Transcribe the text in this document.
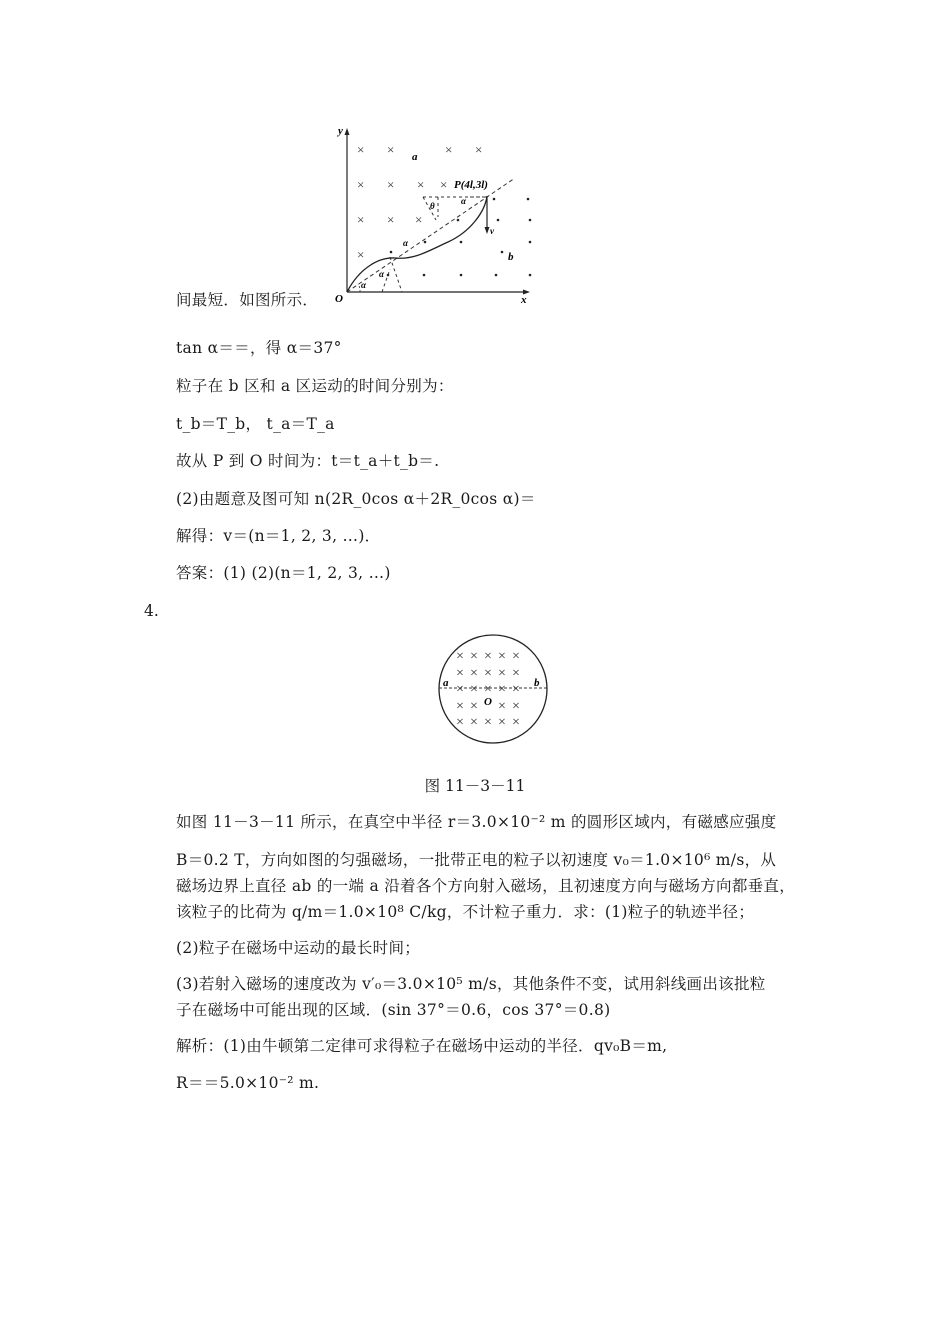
y
x
O
× ×	× ×
× × × ×
× × ×
×
a
b
v
P(4l,3l)
θ	α
α
α
α
间最短．如图所示．
tan α＝＝，得 α＝37°
粒子在 b 区和 a 区运动的时间分别为：
t_b＝T_b， t_a＝T_a
故从 P 到 O 时间为：t＝t_a＋t_b＝.
(2)由题意及图可知 n(2R_0cos α＋2R_0cos α)＝
解得：v＝(n＝1, 2, 3, …)．
答案：(1) (2)(n＝1, 2, 3, …)
4.
× × × × ×
× × × × ×
× × × × ×
× × × ×
× × × × ×
a	b
O
图 11－3－11
如图 11－3－11 所示，在真空中半径 r＝3.0×10⁻² m 的圆形区域内，有磁感应强度
B＝0.2 T，方向如图的匀强磁场，一批带正电的粒子以初速度 v₀＝1.0×10⁶ m/s，从
磁场边界上直径 ab 的一端 a 沿着各个方向射入磁场，且初速度方向与磁场方向都垂直，
该粒子的比荷为 q/m＝1.0×10⁸ C/kg，不计粒子重力．求：(1)粒子的轨迹半径；
(2)粒子在磁场中运动的最长时间；
(3)若射入磁场的速度改为 v′₀＝3.0×10⁵ m/s，其他条件不变，试用斜线画出该批粒
子在磁场中可能出现的区域．(sin 37°＝0.6，cos 37°＝0.8)
解析：(1)由牛顿第二定律可求得粒子在磁场中运动的半径．qv₀B＝m,
R＝＝5.0×10⁻² m.
